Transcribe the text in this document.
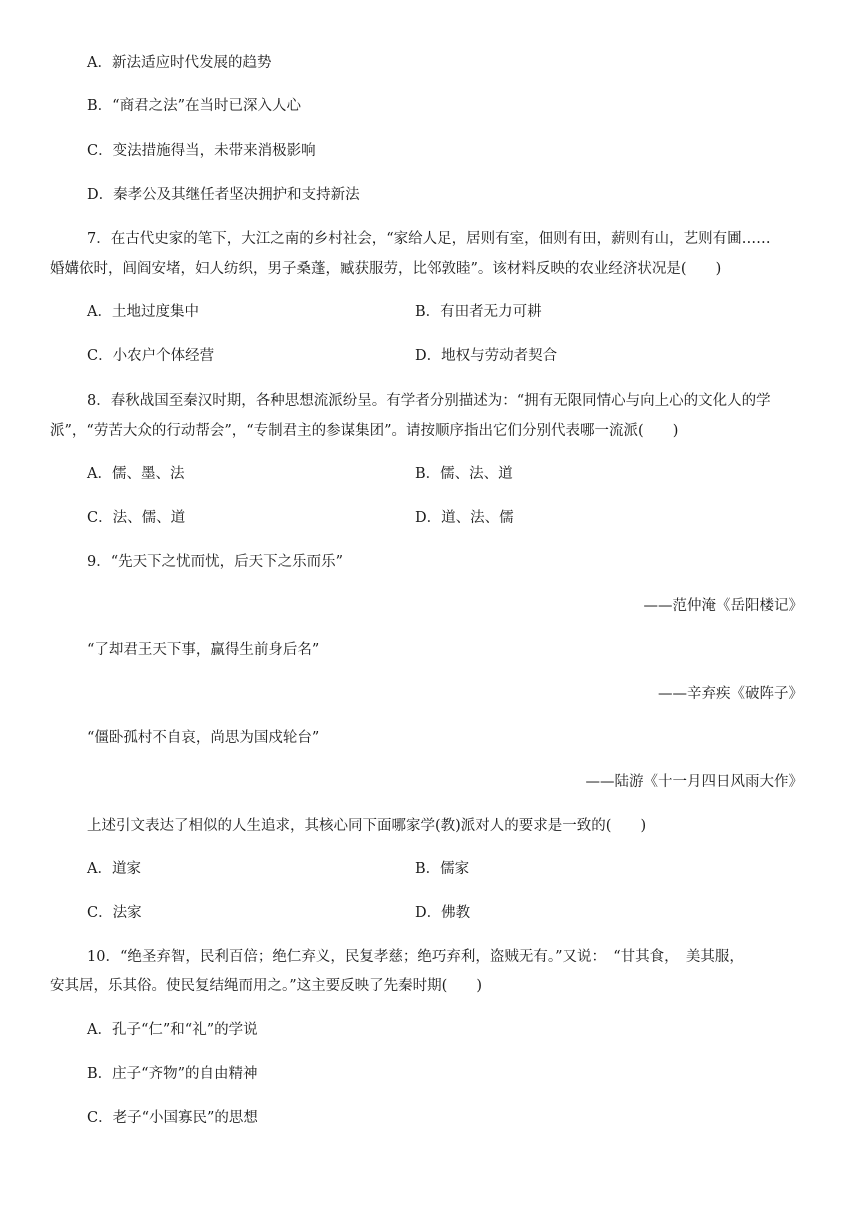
A．新法适应时代发展的趋势
B．“商君之法”在当时已深入人心
C．变法措施得当，未带来消极影响
D．秦孝公及其继任者坚决拥护和支持新法
7．在古代史家的笔下，大江之南的乡村社会，“家给人足，居则有室，佃则有田，薪则有山，艺则有圃……
婚媾依时，闾阎安堵，妇人纺织，男子桑蓬，臧获服劳，比邻敦睦”。该材料反映的农业经济状况是(　　)
A．土地过度集中	B．有田者无力可耕
C．小农户个体经营	D．地权与劳动者契合
8．春秋战国至秦汉时期，各种思想流派纷呈。有学者分别描述为：“拥有无限同情心与向上心的文化人的学
派”，“劳苦大众的行动帮会”，“专制君主的参谋集团”。请按顺序指出它们分别代表哪一流派(　　)
A．儒、墨、法	B．儒、法、道
C．法、儒、道	D．道、法、儒
9．“先天下之忧而忧，后天下之乐而乐”
——范仲淹《岳阳楼记》
“了却君王天下事，赢得生前身后名”
——辛弃疾《破阵子》
“僵卧孤村不自哀，尚思为国戍轮台”
——陆游《十一月四日风雨大作》
上述引文表达了相似的人生追求，其核心同下面哪家学(教)派对人的要求是一致的(　　)
A．道家	B．儒家
C．法家	D．佛教
10．“绝圣弃智，民利百倍；绝仁弃义，民复孝慈；绝巧弃利，盗贼无有。”又说：　“甘其食，　美其服，
安其居，乐其俗。使民复结绳而用之。”这主要反映了先秦时期(　　)
A．孔子“仁”和“礼”的学说
B．庄子“齐物”的自由精神
C．老子“小国寡民”的思想
